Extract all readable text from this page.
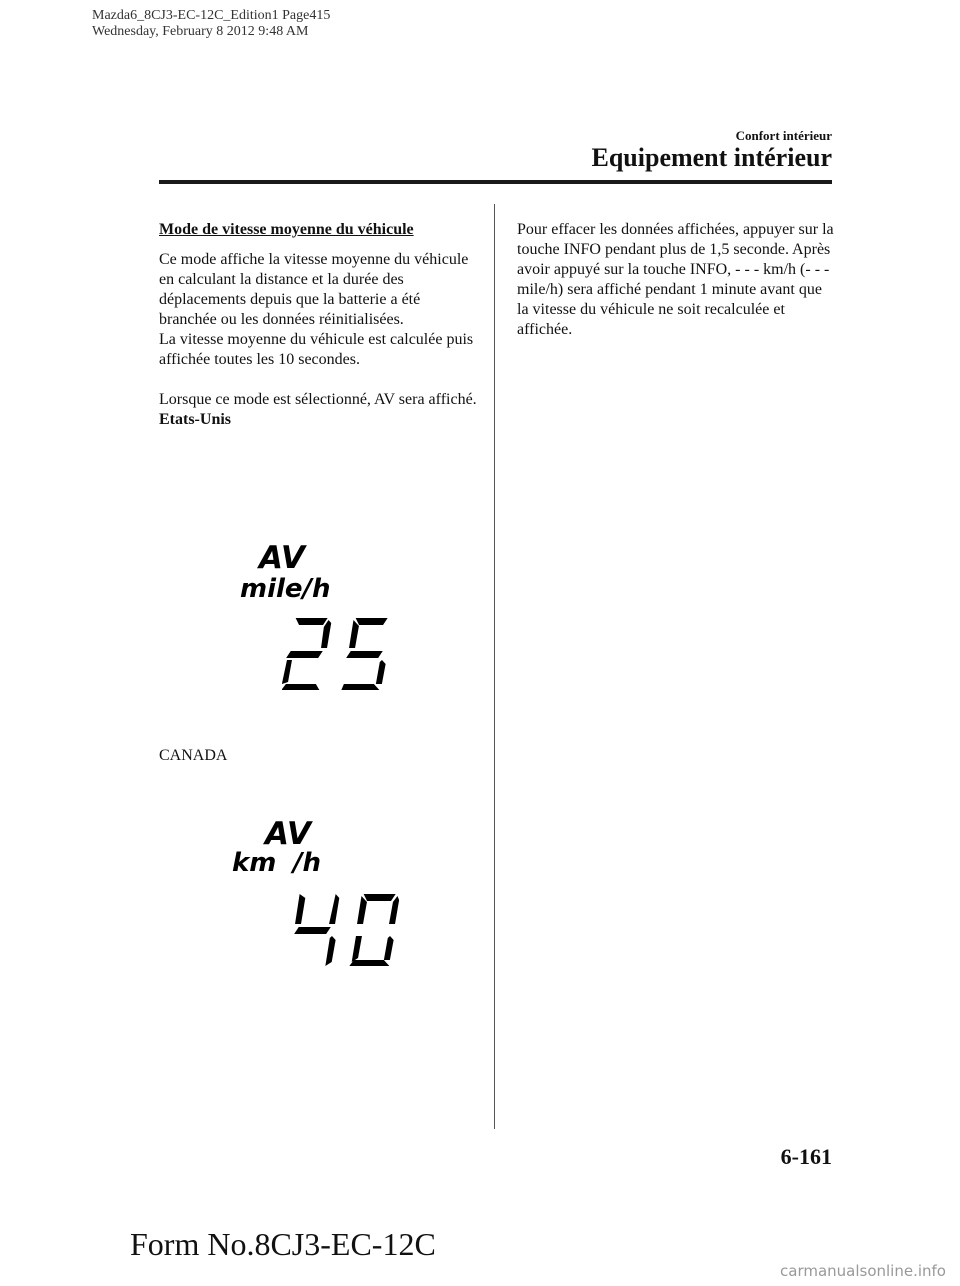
Mazda6_8CJ3-EC-12C_Edition1 Page415
Wednesday, February 8 2012 9:48 AM
Confort intérieur
Equipement intérieur

Mode de vitesse moyenne du véhicule

Ce mode affiche la vitesse moyenne du véhicule en calculant la distance et la durée des déplacements depuis que la batterie a été branchée ou les données réinitialisées.

La vitesse moyenne du véhicule est calculée puis affichée toutes les 10 secondes.

Lorsque ce mode est sélectionné, AV sera affiché.

Etats-Unis
AV
mile/h
CANADA
AV
km /h

Pour effacer les données affichées, appuyer sur la touche INFO pendant plus de 1,5 seconde. Après avoir appuyé sur la touche INFO, - - - km/h (- - - mile/h) sera affiché pendant 1 minute avant que la vitesse du véhicule ne soit recalculée et affichée.

6-161
Form No.8CJ3-EC-12C
carmanualsonline.info
